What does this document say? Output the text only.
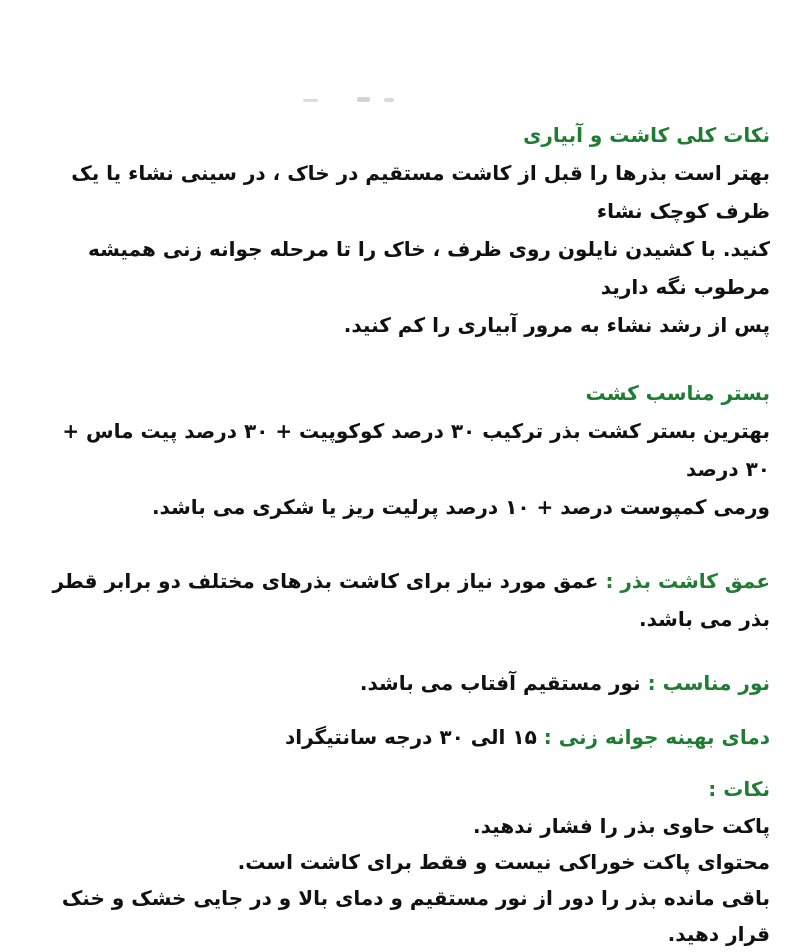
نکات کلی کاشت و آبیاری

بهتر است بذرها را قبل از کاشت مستقیم در خاک ، در سینی نشاء یا یک ظرف کوچک نشاء
کنید. با کشیدن نایلون روی ظرف ، خاک را تا مرحله جوانه زنی همیشه مرطوب نگه دارید
پس از رشد نشاء به مرور آبیاری را کم کنید.

بستر مناسب کشت

بهترین بستر کشت بذر ترکیب ۳۰ درصد کوکوپیت + ۳۰ درصد پیت ماس + ۳۰ درصد
ورمی کمپوست درصد + ۱۰ درصد پرلیت ریز یا شکری می باشد.

عمق کاشت بذر :عمق مورد نیاز برای کاشت بذرهای مختلف دو برابر قطر بذر می باشد.

نور مناسب :نور مستقیم آفتاب می باشد.

دمای بهینه جوانه زنی :۱۵ الی ۳۰ درجه سانتیگراد

نکات :

پاکت حاوی بذر را فشار ندهید.
محتوای پاکت خوراکی نیست و فقط برای کاشت است.
باقی مانده بذر را دور از نور مستقیم و دمای بالا و در جایی خشک و خنک قرار دهید.
